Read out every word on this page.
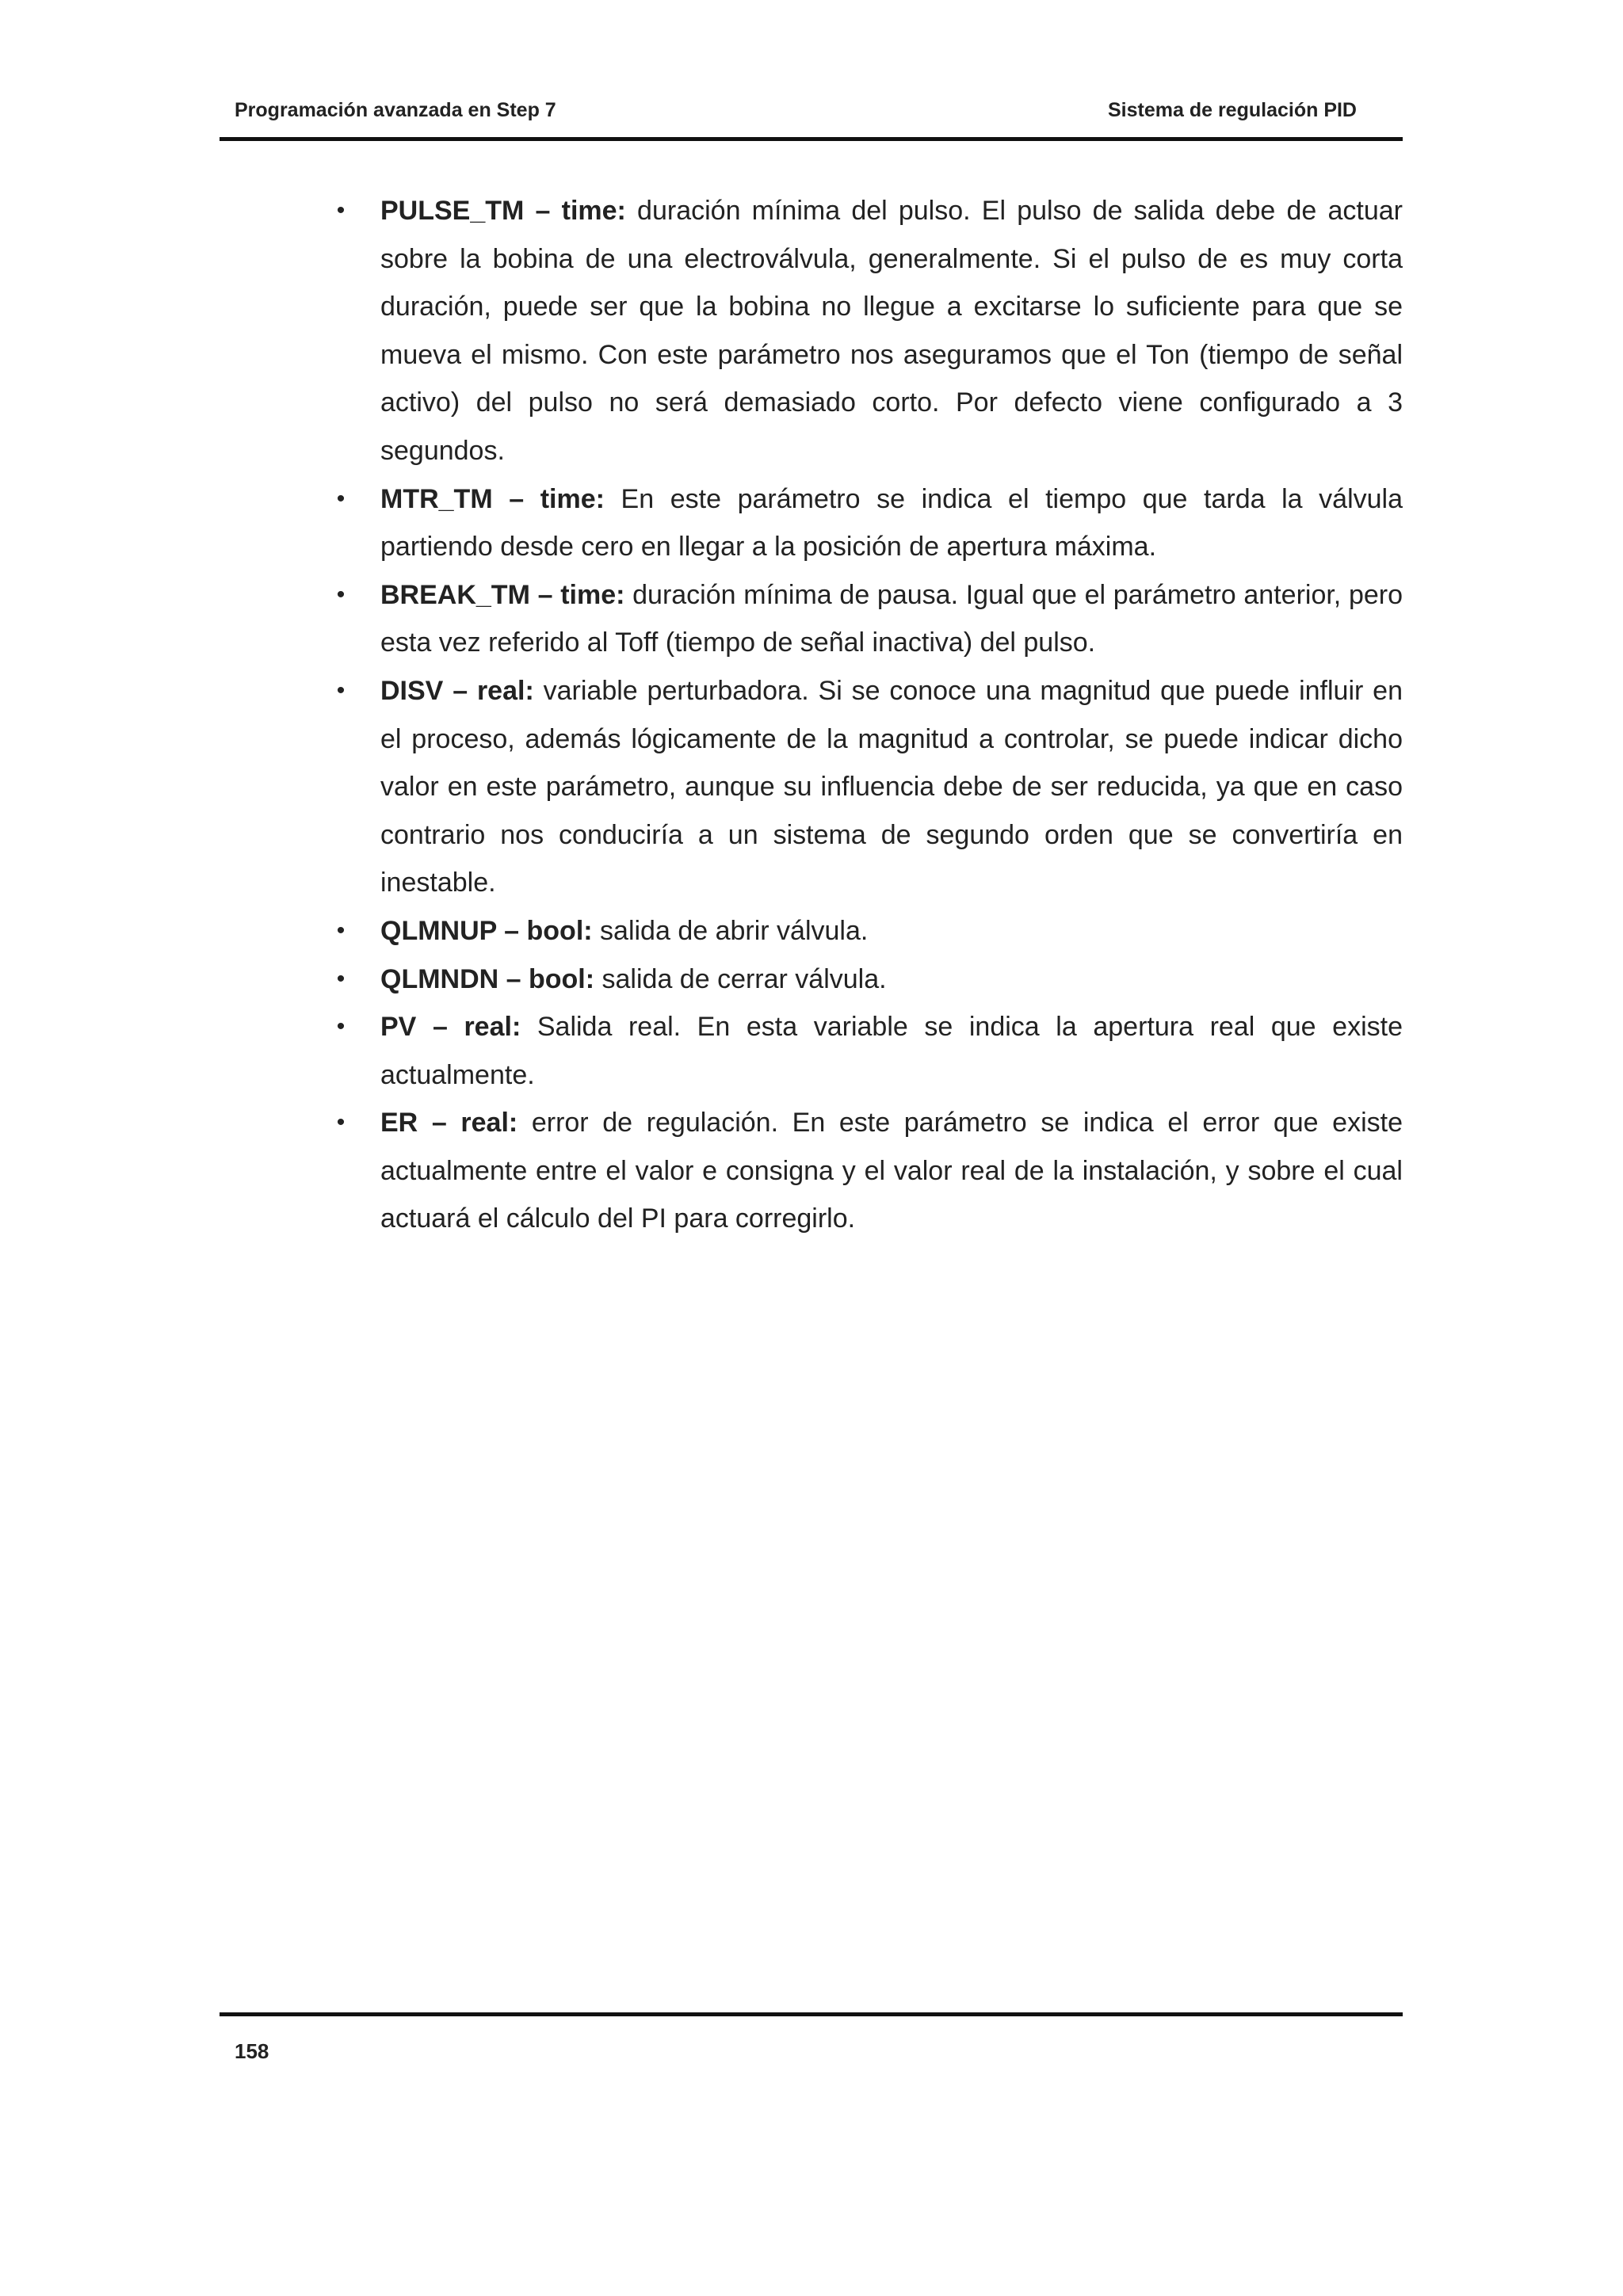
Programación avanzada en Step 7	Sistema de regulación PID
• PULSE_TM – time: duración mínima del pulso. El pulso de salida debe de actuar sobre la bobina de una electroválvula, generalmente. Si el pulso de es muy corta duración, puede ser que la bobina no llegue a excitarse lo suficiente para que se mueva el mismo. Con este parámetro nos aseguramos que el Ton (tiempo de señal activo) del pulso no será demasiado corto. Por defecto viene configurado a 3 segundos.
• MTR_TM – time: En este parámetro se indica el tiempo que tarda la válvula partiendo desde cero en llegar a la posición de apertura máxima.
• BREAK_TM – time: duración mínima de pausa. Igual que el parámetro anterior, pero esta vez referido al Toff (tiempo de señal inactiva) del pulso.
• DISV – real: variable perturbadora. Si se conoce una magnitud que puede influir en el proceso, además lógicamente de la magnitud a controlar, se puede indicar dicho valor en este parámetro, aunque su influencia debe de ser reducida, ya que en caso contrario nos conduciría a un sistema de segundo orden que se convertiría en inestable.
• QLMNUP – bool: salida de abrir válvula.
• QLMNDN – bool: salida de cerrar válvula.
• PV – real: Salida real. En esta variable se indica la apertura real que existe actualmente.
• ER – real: error de regulación. En este parámetro se indica el error que existe actualmente entre el valor e consigna y el valor real de la instalación, y sobre el cual actuará el cálculo del PI para corregirlo.
158
